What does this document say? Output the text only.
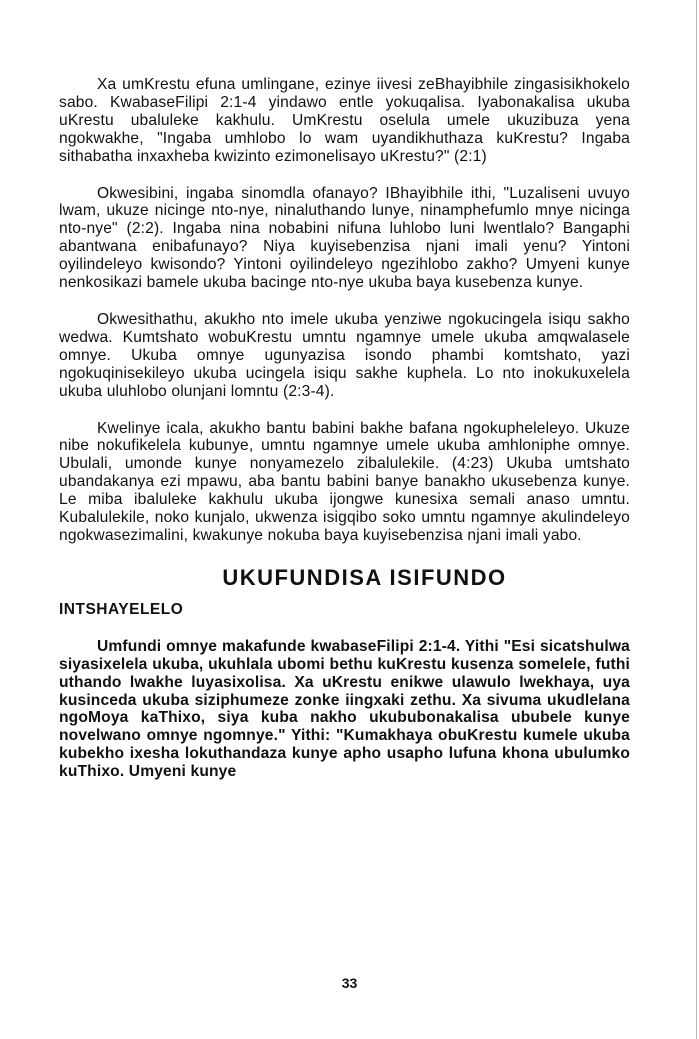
Xa umKrestu efuna umlingane, ezinye iivesi zeBhayibhile zingasisikhokelo sabo. KwabaseFilipi 2:1-4 yindawo entle yokuqalisa. Iyabonakalisa ukuba uKrestu ubaluleke kakhulu. UmKrestu oselula umele ukuzibuza yena ngokwakhe, "Ingaba umhlobo lo wam uyandikhuthaza kuKrestu? Ingaba sithabatha inxaxheba kwizinto ezimonelisayo uKrestu?" (2:1)

Okwesibini, ingaba sinomdla ofanayo? IBhayibhile ithi, "Luzaliseni uvuyo lwam, ukuze nicinge nto-nye, ninaluthando lunye, ninamphefumlo mnye nicinga nto-nye" (2:2). Ingaba nina nobabini nifuna luhlobo luni lwentlalo? Bangaphi abantwana enibafunayo? Niya kuyisebenzisa njani imali yenu? Yintoni oyilindeleyo kwisondo? Yintoni oyilindeleyo ngezihlobo zakho? Umyeni kunye nenkosikazi bamele ukuba bacinge nto-nye ukuba baya kusebenza kunye.

Okwesithathu, akukho nto imele ukuba yenziwe ngokucingela isiqu sakho wedwa. Kumtshato wobuKrestu umntu ngamnye umele ukuba amqwalasele omnye. Ukuba omnye ugunyazisa isondo phambi komtshato, yazi ngokuqinisekileyo ukuba ucingela isiqu sakhe kuphela. Lo nto inokukuxelela ukuba uluhlobo olunjani lomntu (2:3-4).

Kwelinye icala, akukho bantu babini bakhe bafana ngokupheleleyo. Ukuze nibe nokufikelela kubunye, umntu ngamnye umele ukuba amhloniphe omnye. Ubulali, umonde kunye nonyamezelo zibalulekile. (4:23) Ukuba umtshato ubandakanya ezi mpawu, aba bantu babini banye banakho ukusebenza kunye. Le miba ibaluleke kakhulu ukuba ijongwe kunesixa semali anaso umntu. Kubalulekile, noko kunjalo, ukwenza isigqibo soko umntu ngamnye akulindeleyo ngokwasezimalini, kwakunye nokuba baya kuyisebenzisa njani imali yabo.

UKUFUNDISA ISIFUNDO
INTSHAYELELO

Umfundi omnye makafunde kwabaseFilipi 2:1-4. Yithi "Esi sicatshulwa siyasixelela ukuba, ukuhlala ubomi bethu kuKrestu kusenza somelele, futhi uthando lwakhe luyasixolisa. Xa uKrestu enikwe ulawulo lwekhaya, uya kusinceda ukuba siziphumeze zonke iingxaki zethu. Xa sivuma ukudlelana ngoMoya kaThixo, siya kuba nakho ukububonakalisa ububele kunye novelwano omnye ngomnye." Yithi: "Kumakhaya obuKrestu kumele ukuba kubekho ixesha lokuthandaza kunye apho usapho lufuna khona ubulumko kuThixo. Umyeni kunye

33
